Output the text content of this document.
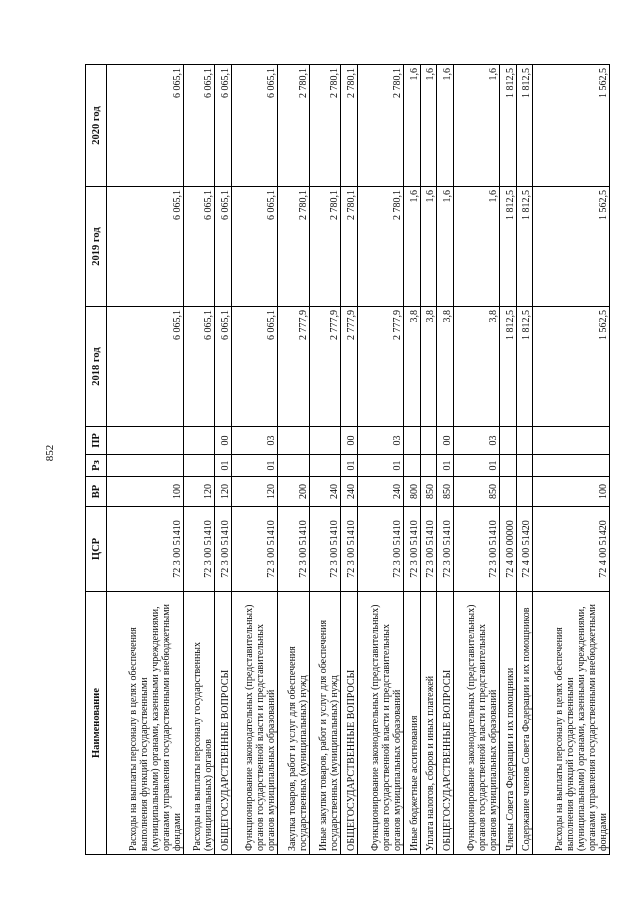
852
Наименование	ЦСР	ВР	Рз	ПР	2018 год	2019 год	2020 год
Расходы на выплаты персоналу в целях обеспечения выполнения функций государственными (муниципальными) органами, казенными учреждениями, органами управления государственными внебюджетными фондами	72 3 00 51410	100			6 065,1	6 065,1	6 065,1
Расходы на выплаты персоналу государственных (муниципальных) органов	72 3 00 51410	120			6 065,1	6 065,1	6 065,1
ОБЩЕГОСУДАРСТВЕННЫЕ ВОПРОСЫ	72 3 00 51410	120	01	00	6 065,1	6 065,1	6 065,1
Функционирование законодательных (представительных) органов государственной власти и представительных органов муниципальных образований	72 3 00 51410	120	01	03	6 065,1	6 065,1	6 065,1
Закупка товаров, работ и услуг для обеспечения государственных (муниципальных) нужд	72 3 00 51410	200			2 777,9	2 780,1	2 780,1
Иные закупки товаров, работ и услуг для обеспечения государственных (муниципальных) нужд	72 3 00 51410	240			2 777,9	2 780,1	2 780,1
ОБЩЕГОСУДАРСТВЕННЫЕ ВОПРОСЫ	72 3 00 51410	240	01	00	2 777,9	2 780,1	2 780,1
Функционирование законодательных (представительных) органов государственной власти и представительных органов муниципальных образований	72 3 00 51410	240	01	03	2 777,9	2 780,1	2 780,1
Иные бюджетные ассигнования	72 3 00 51410	800			3,8	1,6	1,6
Уплата налогов, сборов и иных платежей	72 3 00 51410	850			3,8	1,6	1,6
ОБЩЕГОСУДАРСТВЕННЫЕ ВОПРОСЫ	72 3 00 51410	850	01	00	3,8	1,6	1,6
Функционирование законодательных (представительных) органов государственной власти и представительных органов муниципальных образований	72 3 00 51410	850	01	03	3,8	1,6	1,6
Члены Совета Федерации и их помощники	72 4 00 00000				1 812,5	1 812,5	1 812,5
Содержание членов Совета Федерации и их помощников	72 4 00 51420				1 812,5	1 812,5	1 812,5
Расходы на выплаты персоналу в целях обеспечения выполнения функций государственными (муниципальными) органами, казенными учреждениями, органами управления государственными внебюджетными фондами	72 4 00 51420	100			1 562,5	1 562,5	1 562,5
